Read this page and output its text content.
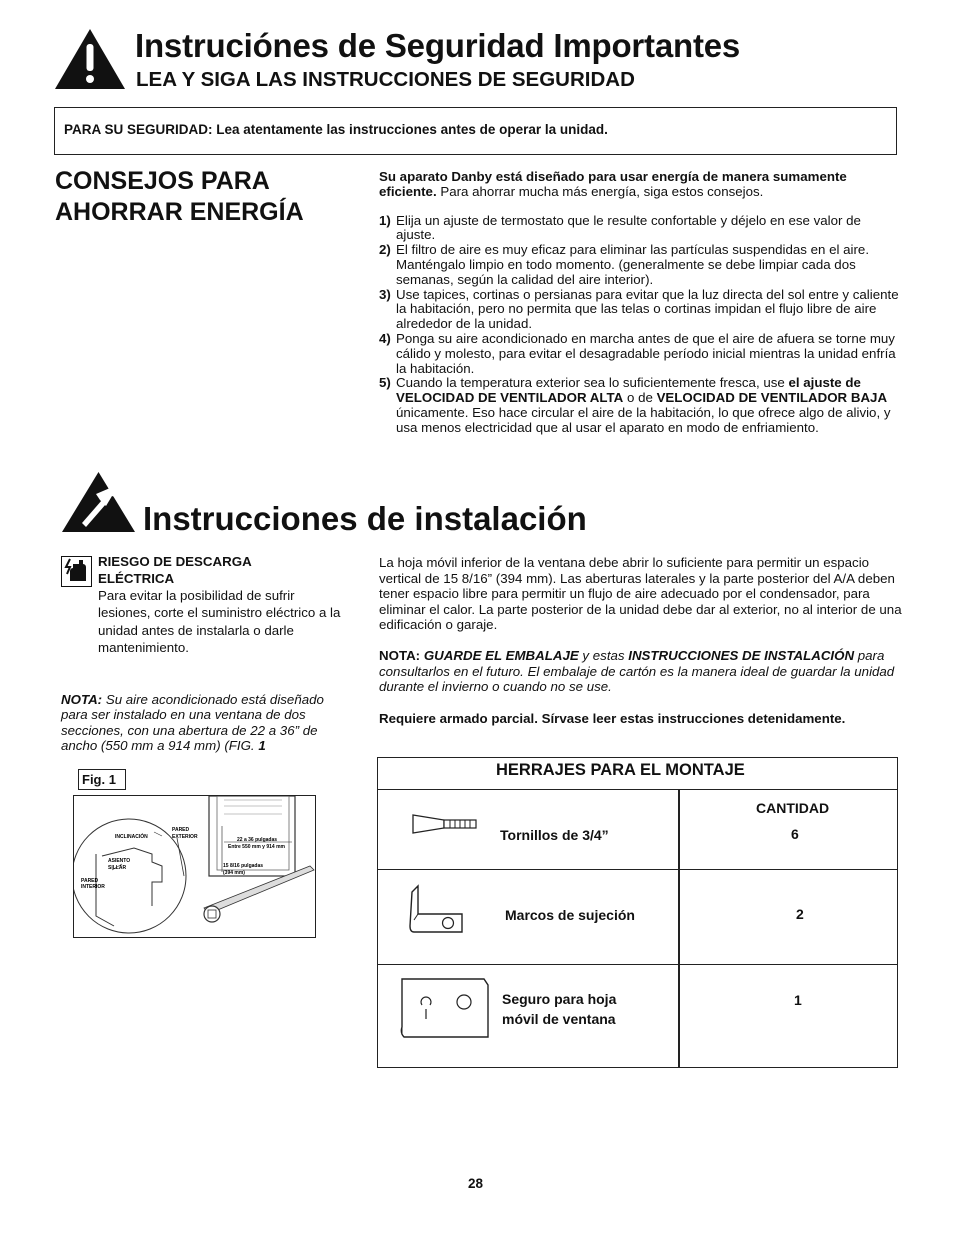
Instruciónes de Seguridad Importantes
LEA Y SIGA LAS INSTRUCCIONES DE SEGURIDAD
PARA SU SEGURIDAD: Lea atentamente las instrucciones antes de operar la unidad.
CONSEJOS PARA
AHORRAR ENERGÍA

Su aparato Danby está diseñado para usar energía de manera sumamente
eficiente. Para ahorrar mucha más energía, siga estos consejos.

1) Elija un ajuste de termostato que le resulte confortable y déjelo en ese valor de ajuste.
2) El filtro de aire es muy eficaz para eliminar las partículas suspendidas en el aire. Manténgalo limpio en todo momento. (generalmente se debe limpiar cada dos semanas, según la calidad del aire interior).
3) Use tapices, cortinas o persianas para evitar que la luz directa del sol entre y caliente la habitación, pero no permita que las telas o cortinas impidan el flujo libre de aire alrededor de la unidad.
4) Ponga su aire acondicionado en marcha antes de que el aire de afuera se torne muy cálido y molesto, para evitar el desagradable período inicial mientras la unidad enfría la habitación.
5) Cuando la temperatura exterior sea lo suficientemente fresca, use el ajuste de VELOCIDAD DE VENTILADOR ALTA o de VELOCIDAD DE VENTILADOR BAJA únicamente. Eso hace circular el aire de la habitación, lo que ofrece algo de alivio, y usa menos electricidad que al usar el aparato en modo de enfriamiento.
Instrucciones de instalación
RIESGO DE DESCARGA ELÉCTRICA
Para evitar la posibilidad de sufrir lesiones, corte el suministro eléctrico a la unidad antes de instalarla o darle mantenimiento.
NOTA: Su aire acondicionado está diseñado para ser instalado en una ventana de dos secciones, con una abertura de 22 a 36” de ancho (550 mm a 914 mm) (FIG. 1
La hoja móvil inferior de la ventana debe abrir lo suficiente para permitir un espacio vertical de 15 8/16” (394 mm). Las aberturas laterales y la parte posterior del A/A deben tener espacio libre para permitir un flujo de aire adecuado por el condensador, para eliminar el calor. La parte posterior de la unidad debe dar al exterior, no al interior de una edificación o garaje.
NOTA: GUARDE EL EMBALAJE y estas INSTRUCCIONES DE INSTALACIÓN para consultarlos en el futuro. El embalaje de cartón es la manera ideal de guardar la unidad durante el invierno o cuando no se use.
Requiere armado parcial. Sírvase leer estas instrucciones detenidamente.
Fig. 1
INCLINACIÓN
PARED
EXTERIOR
ASIENTO
SILLAR
PARED
INTERIOR
22 a 36 pulgadas
Entre 550 mm y 914 mm
15 8/16 pulgadas
(394 mm)
HERRAJES PARA EL MONTAJE
Tornillos de 3/4”
CANTIDAD
6
Marcos de sujeción	2
Seguro para hoja
móvil de ventana
1
28
